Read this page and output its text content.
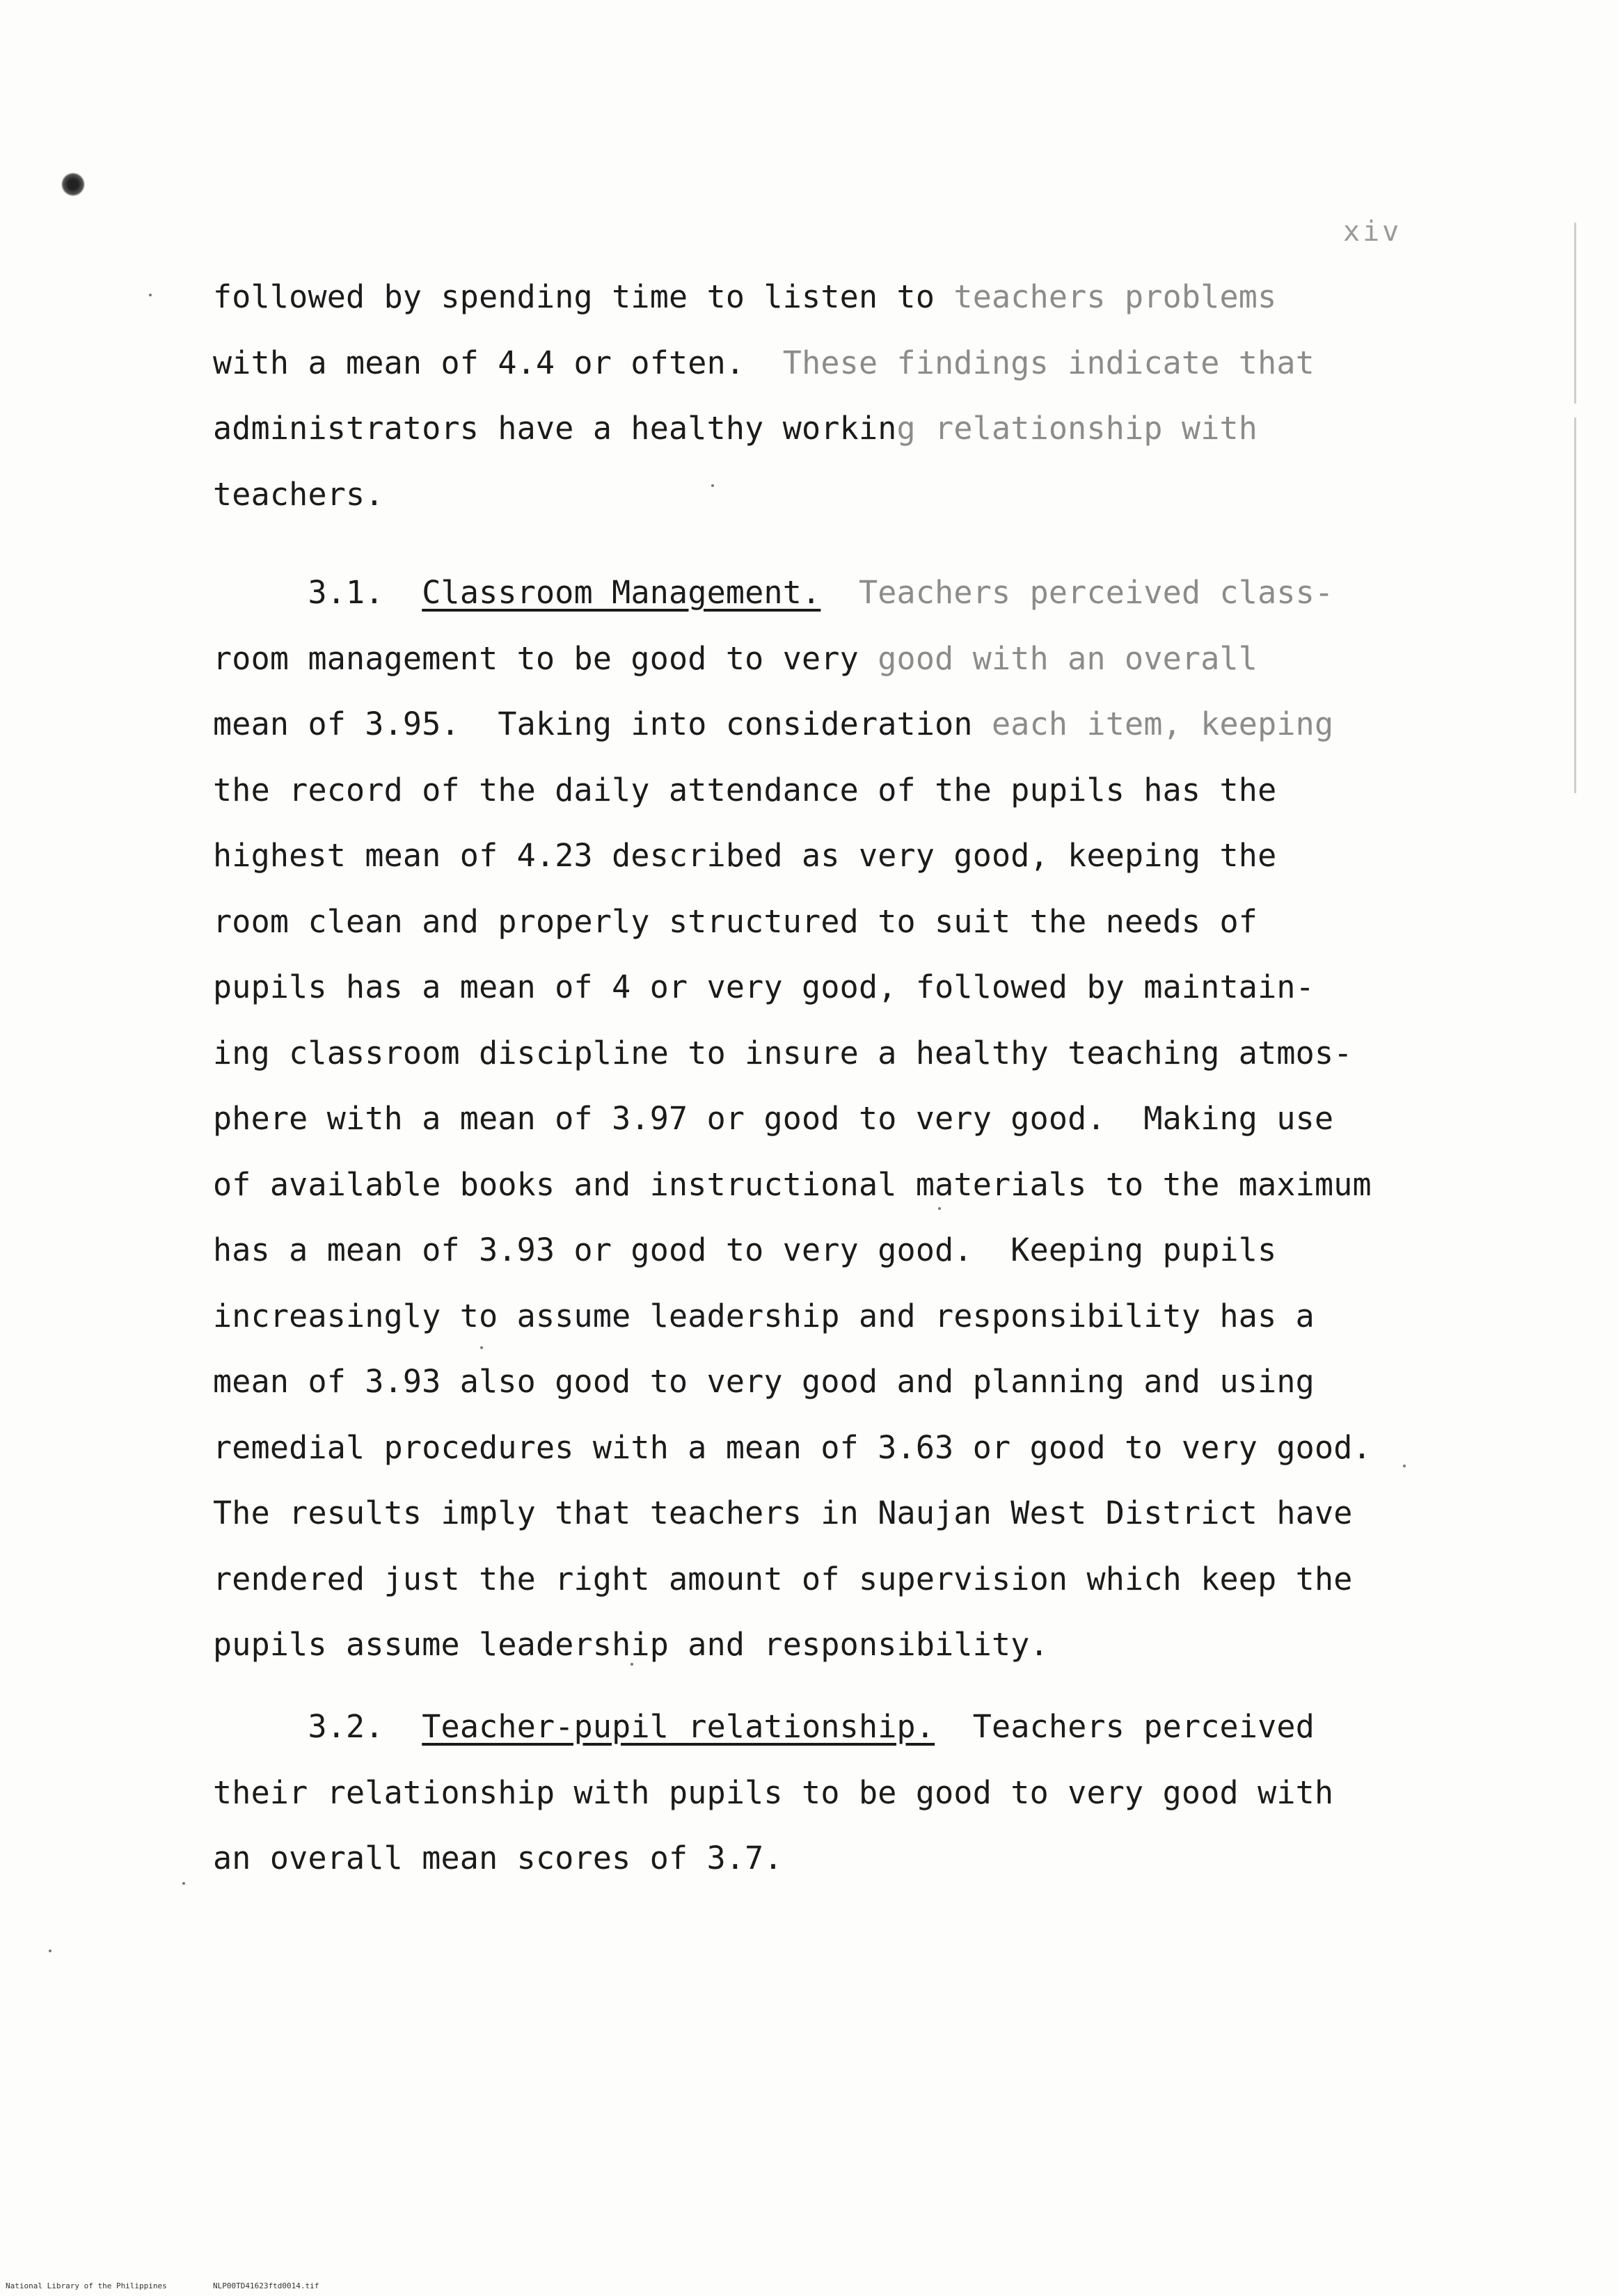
xiv

followed by spending time to listen to teachers problems
with a mean of 4.4 or often.  These findings indicate that
administrators have a healthy working relationship with
teachers.

3.1. Classroom Management. Teachers perceived class-
room management to be good to very good with an overall
mean of 3.95.  Taking into consideration each item, keeping
the record of the daily attendance of the pupils has the
highest mean of 4.23 described as very good, keeping the
room clean and properly structured to suit the needs of
pupils has a mean of 4 or very good, followed by maintain-
ing classroom discipline to insure a healthy teaching atmos-
phere with a mean of 3.97 or good to very good.  Making use
of available books and instructional materials to the maximum
has a mean of 3.93 or good to very good.  Keeping pupils
increasingly to assume leadership and responsibility has a
mean of 3.93 also good to very good and planning and using
remedial procedures with a mean of 3.63 or good to very good.
The results imply that teachers in Naujan West District have
rendered just the right amount of supervision which keep the
pupils assume leadership and responsibility.

3.2. Teacher-pupil relationship. Teachers perceived
their relationship with pupils to be good to very good with
an overall mean scores of 3.7.

National Library of the Philippines	NLP00TD41623ftd0014.tif
